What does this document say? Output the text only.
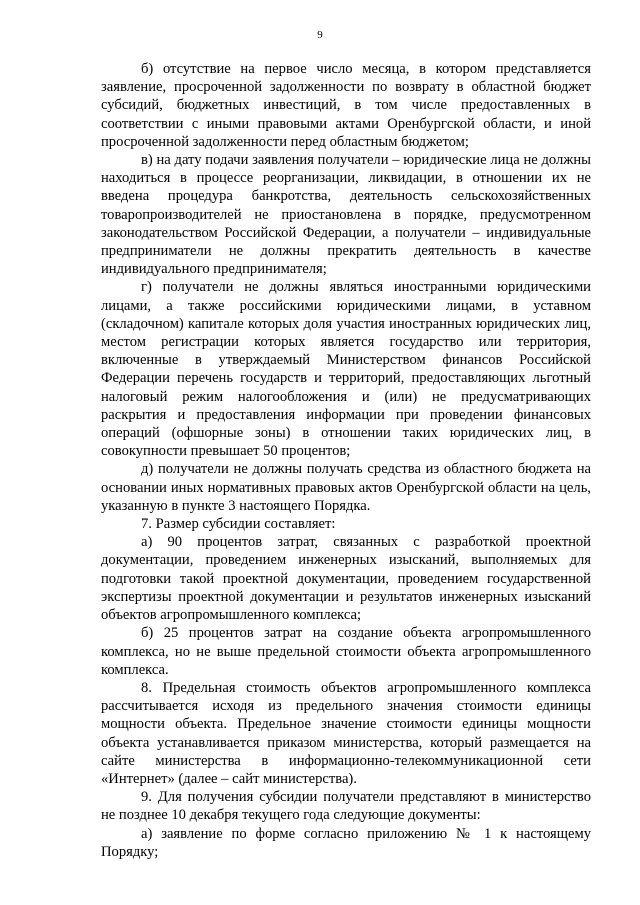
9

б) отсутствие на первое число месяца, в котором представляется заявление, просроченной задолженности по возврату в областной бюджет субсидий, бюджетных инвестиций, в том числе предоставленных в соответствии с иными правовыми актами Оренбургской области, и иной просроченной задолженности перед областным бюджетом;

в) на дату подачи заявления получатели – юридические лица не должны находиться в процессе реорганизации, ликвидации, в отношении их не введена процедура банкротства, деятельность сельскохозяйственных товаропроизводителей не приостановлена в порядке, предусмотренном законодательством Российской Федерации, а получатели – индивидуальные предприниматели не должны прекратить деятельность в качестве индивидуального предпринимателя;

г) получатели не должны являться иностранными юридическими лицами, а также российскими юридическими лицами, в уставном (складочном) капитале которых доля участия иностранных юридических лиц, местом регистрации которых является государство или территория, включенные в утверждаемый Министерством финансов Российской Федерации перечень государств и территорий, предоставляющих льготный налоговый режим налогообложения и (или) не предусматривающих раскрытия и предоставления информации при проведении финансовых операций (офшорные зоны) в отношении таких юридических лиц, в совокупности превышает 50 процентов;

д) получатели не должны получать средства из областного бюджета на основании иных нормативных правовых актов Оренбургской области на цель, указанную в пункте 3 настоящего Порядка.

7. Размер субсидии составляет:

а) 90 процентов затрат, связанных с разработкой проектной документации, проведением инженерных изысканий, выполняемых для подготовки такой проектной документации, проведением государственной экспертизы проектной документации и результатов инженерных изысканий объектов агропромышленного комплекса;

б) 25 процентов затрат на создание объекта агропромышленного комплекса, но не выше предельной стоимости объекта агропромышленного комплекса.

8. Предельная стоимость объектов агропромышленного комплекса рассчитывается исходя из предельного значения стоимости единицы мощности объекта. Предельное значение стоимости единицы мощности объекта устанавливается приказом министерства, который размещается на сайте министерства в информационно-телекоммуникационной сети «Интернет» (далее – сайт министерства).

9. Для получения субсидии получатели представляют в министерство не позднее 10 декабря текущего года следующие документы:

а) заявление по форме согласно приложению № 1 к настоящему Порядку;
